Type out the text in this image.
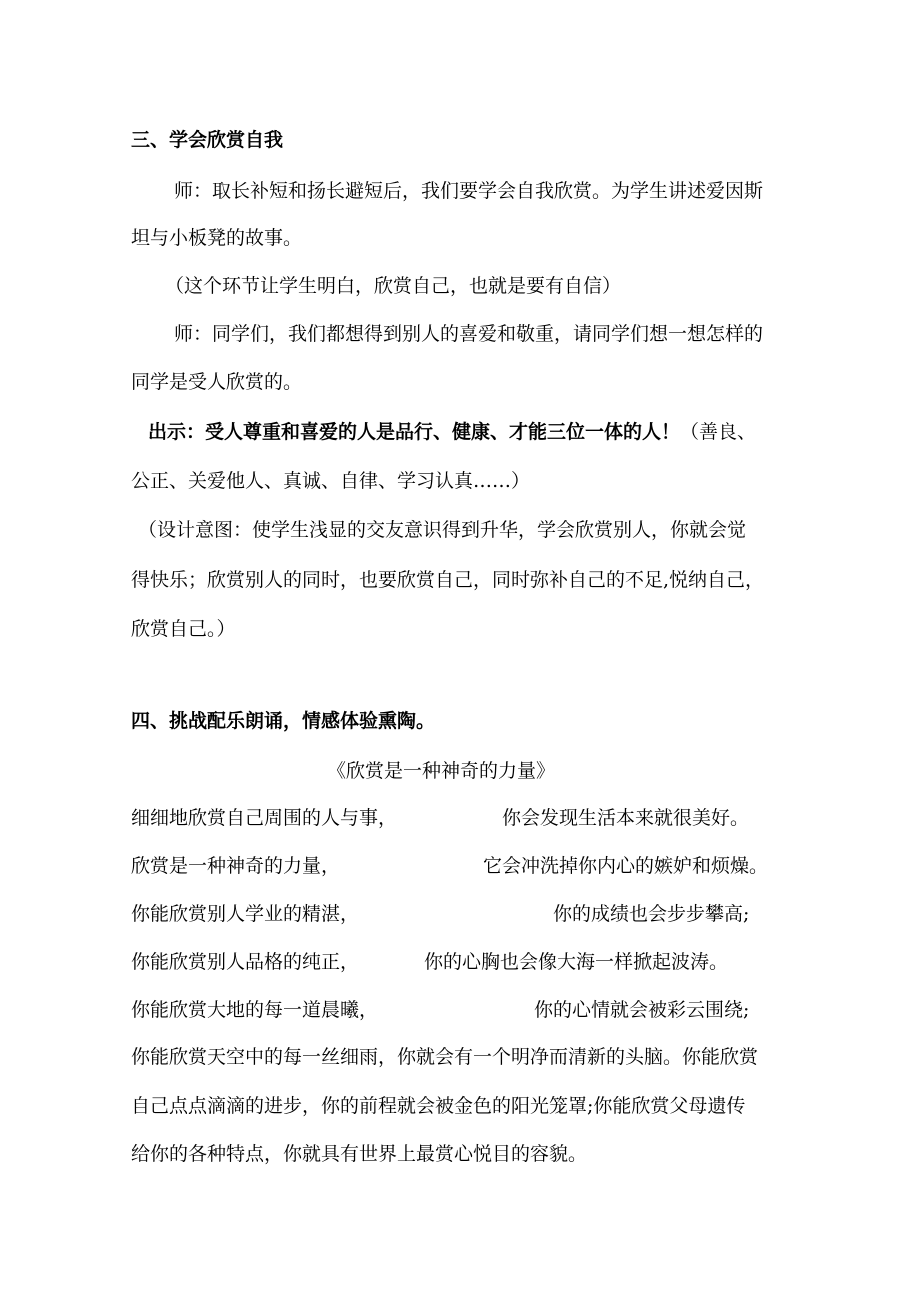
三、学会欣赏自我
师：取长补短和扬长避短后，我们要学会自我欣赏。为学生讲述爱因斯
坦与小板凳的故事。
（这个环节让学生明白，欣赏自己，也就是要有自信）
师：同学们，我们都想得到别人的喜爱和敬重，请同学们想一想怎样的
同学是受人欣赏的。
出示：受人尊重和喜爱的人是品行、健康、才能三位一体的人！（善良、
公正、关爱他人、真诚、自律、学习认真……）
（设计意图：使学生浅显的交友意识得到升华，学会欣赏别人，你就会觉
得快乐；欣赏别人的同时，也要欣赏自己，同时弥补自己的不足,悦纳自己，
欣赏自己。）
四、挑战配乐朗诵，情感体验熏陶。
《欣赏是一种神奇的力量》
细细地欣赏自己周围的人与事，	你会发现生活本来就很美好。
欣赏是一种神奇的力量，	它会冲洗掉你内心的嫉妒和烦燥。
你能欣赏别人学业的精湛，	你的成绩也会步步攀高;
你能欣赏别人品格的纯正，	你的心胸也会像大海一样掀起波涛。
你能欣赏大地的每一道晨曦，	你的心情就会被彩云围绕;
你能欣赏天空中的每一丝细雨，你就会有一个明净而清新的头脑。你能欣赏
自己点点滴滴的进步，你的前程就会被金色的阳光笼罩;你能欣赏父母遗传
给你的各种特点，你就具有世界上最赏心悦目的容貌。
